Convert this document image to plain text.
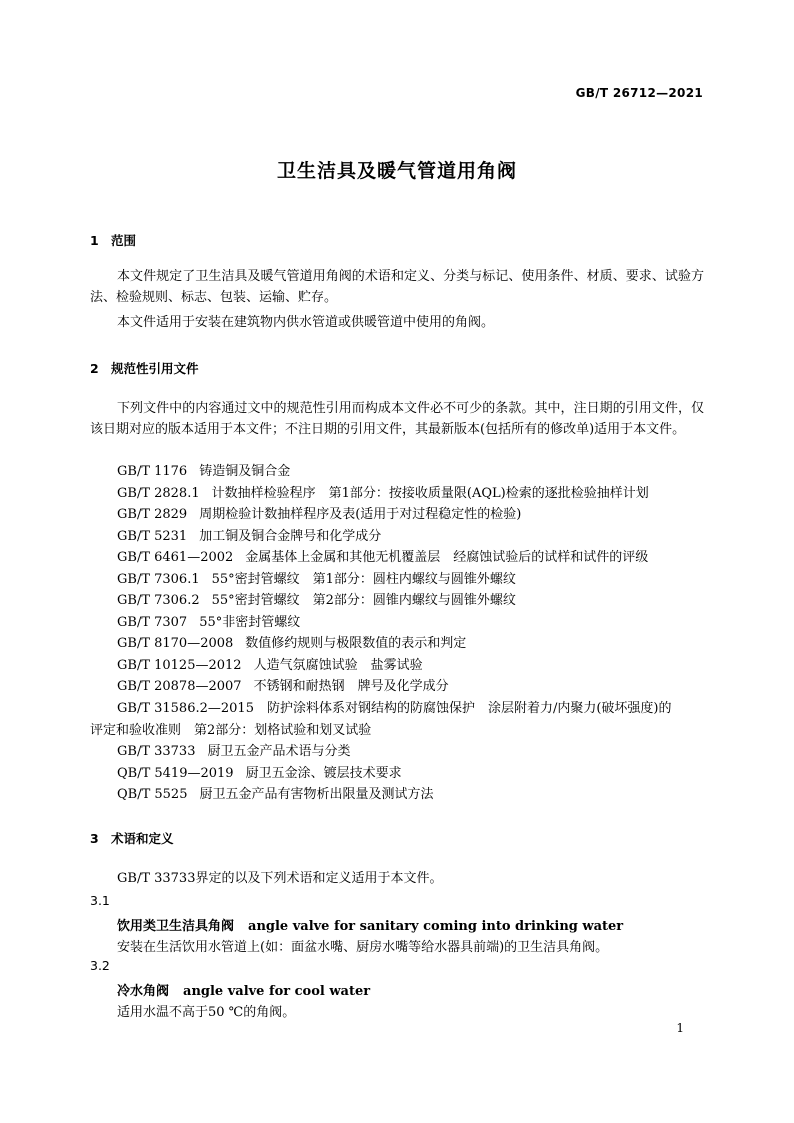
GB/T 26712—2021
卫生洁具及暖气管道用角阀
1 范围
本文件规定了卫生洁具及暖气管道用角阀的术语和定义、分类与标记、使用条件、材质、要求、试验方法、检验规则、标志、包装、运输、贮存。
本文件适用于安装在建筑物内供水管道或供暖管道中使用的角阀。
2 规范性引用文件
下列文件中的内容通过文中的规范性引用而构成本文件必不可少的条款。其中，注日期的引用文件，仅该日期对应的版本适用于本文件；不注日期的引用文件，其最新版本(包括所有的修改单)适用于本文件。
GB/T 1176 铸造铜及铜合金
GB/T 2828.1 计数抽样检验程序　第1部分：按接收质量限(AQL)检索的逐批检验抽样计划
GB/T 2829 周期检验计数抽样程序及表(适用于对过程稳定性的检验)
GB/T 5231 加工铜及铜合金牌号和化学成分
GB/T 6461—2002 金属基体上金属和其他无机覆盖层　经腐蚀试验后的试样和试件的评级
GB/T 7306.1 55°密封管螺纹　第1部分：圆柱内螺纹与圆锥外螺纹
GB/T 7306.2 55°密封管螺纹　第2部分：圆锥内螺纹与圆锥外螺纹
GB/T 7307 55°非密封管螺纹
GB/T 8170—2008 数值修约规则与极限数值的表示和判定
GB/T 10125—2012 人造气氛腐蚀试验　盐雾试验
GB/T 20878—2007 不锈钢和耐热钢　牌号及化学成分
GB/T 31586.2—2015　防护涂料体系对钢结构的防腐蚀保护　涂层附着力/内聚力(破坏强度)的
评定和验收准则　第2部分：划格试验和划叉试验
GB/T 33733 厨卫五金产品术语与分类
QB/T 5419—2019 厨卫五金涂、镀层技术要求
QB/T 5525 厨卫五金产品有害物析出限量及测试方法
3 术语和定义
GB/T 33733界定的以及下列术语和定义适用于本文件。
3.1
饮用类卫生洁具角阀 angle valve for sanitary coming into drinking water
安装在生活饮用水管道上(如：面盆水嘴、厨房水嘴等给水器具前端)的卫生洁具角阀。
3.2
冷水角阀 angle valve for cool water
适用水温不高于50 ℃的角阀。
1
